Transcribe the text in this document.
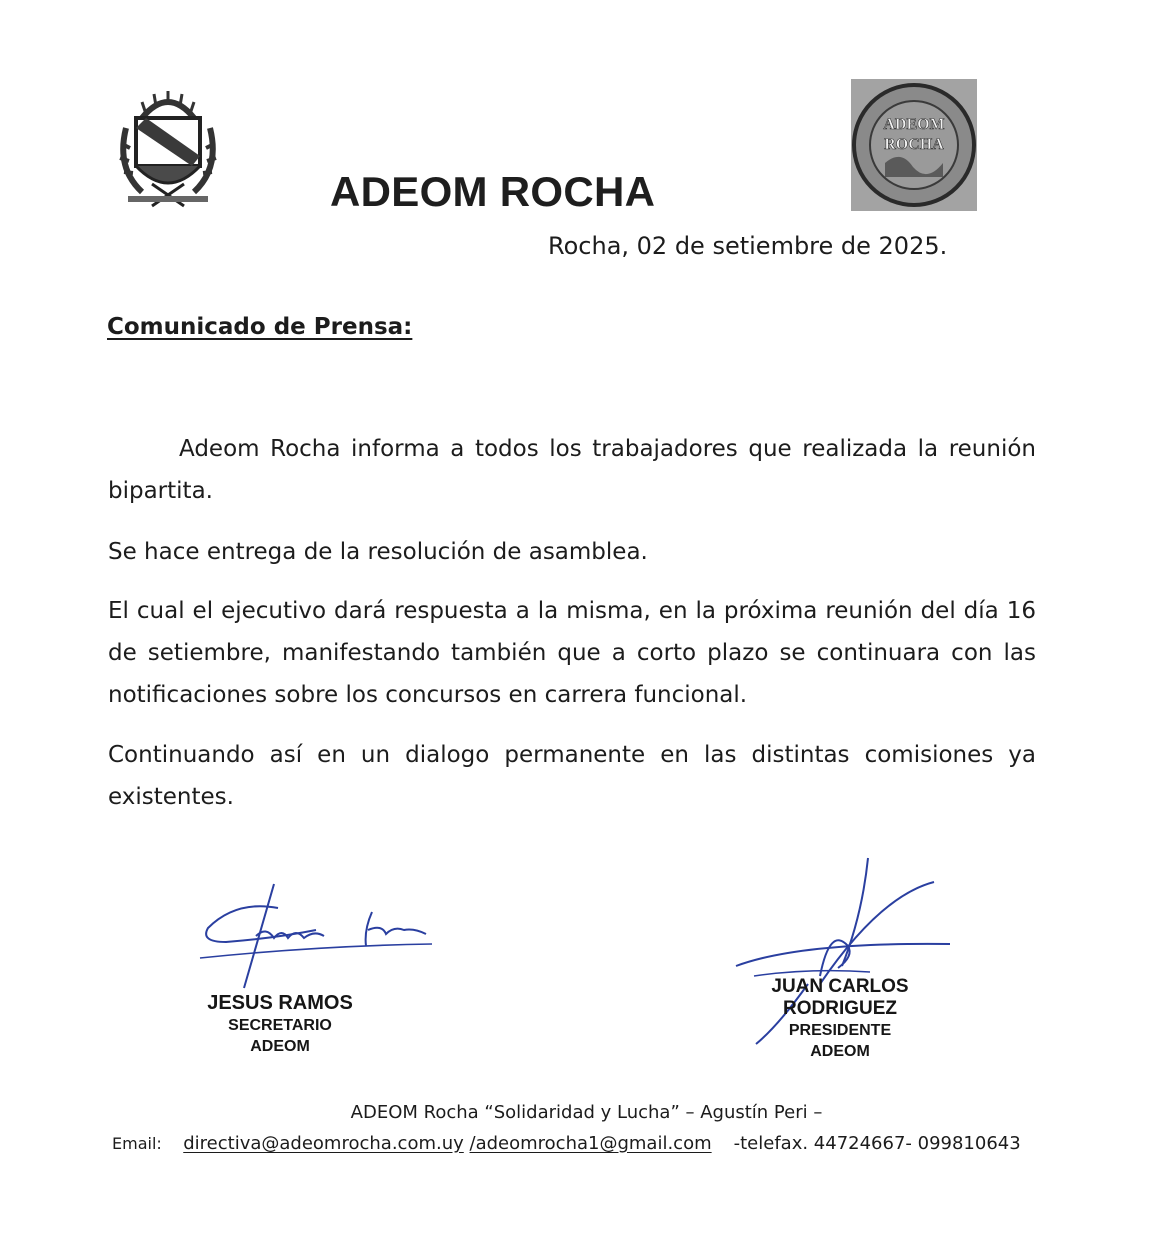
ADEOM
ROCHA
ADEOM ROCHA
Rocha, 02 de setiembre de 2025.
Comunicado de Prensa:
Adeom Rocha informa a todos los trabajadores que realizada la reunión bipartita.
Se hace entrega de la resolución de asamblea.
El cual el ejecutivo dará respuesta a la misma, en la próxima reunión del día 16 de setiembre, manifestando también que a corto plazo se continuara con las notificaciones sobre los concursos en carrera funcional.
Continuando así en un dialogo permanente en las distintas comisiones ya existentes.
JESUS RAMOS
SECRETARIO
ADEOM
JUAN CARLOS RODRIGUEZ
PRESIDENTE
ADEOM
ADEOM Rocha “Solidaridad y Lucha” – Agustín Peri –
Email: directiva@adeomrocha.com.uy /adeomrocha1@gmail.com -telefax. 44724667- 099810643
